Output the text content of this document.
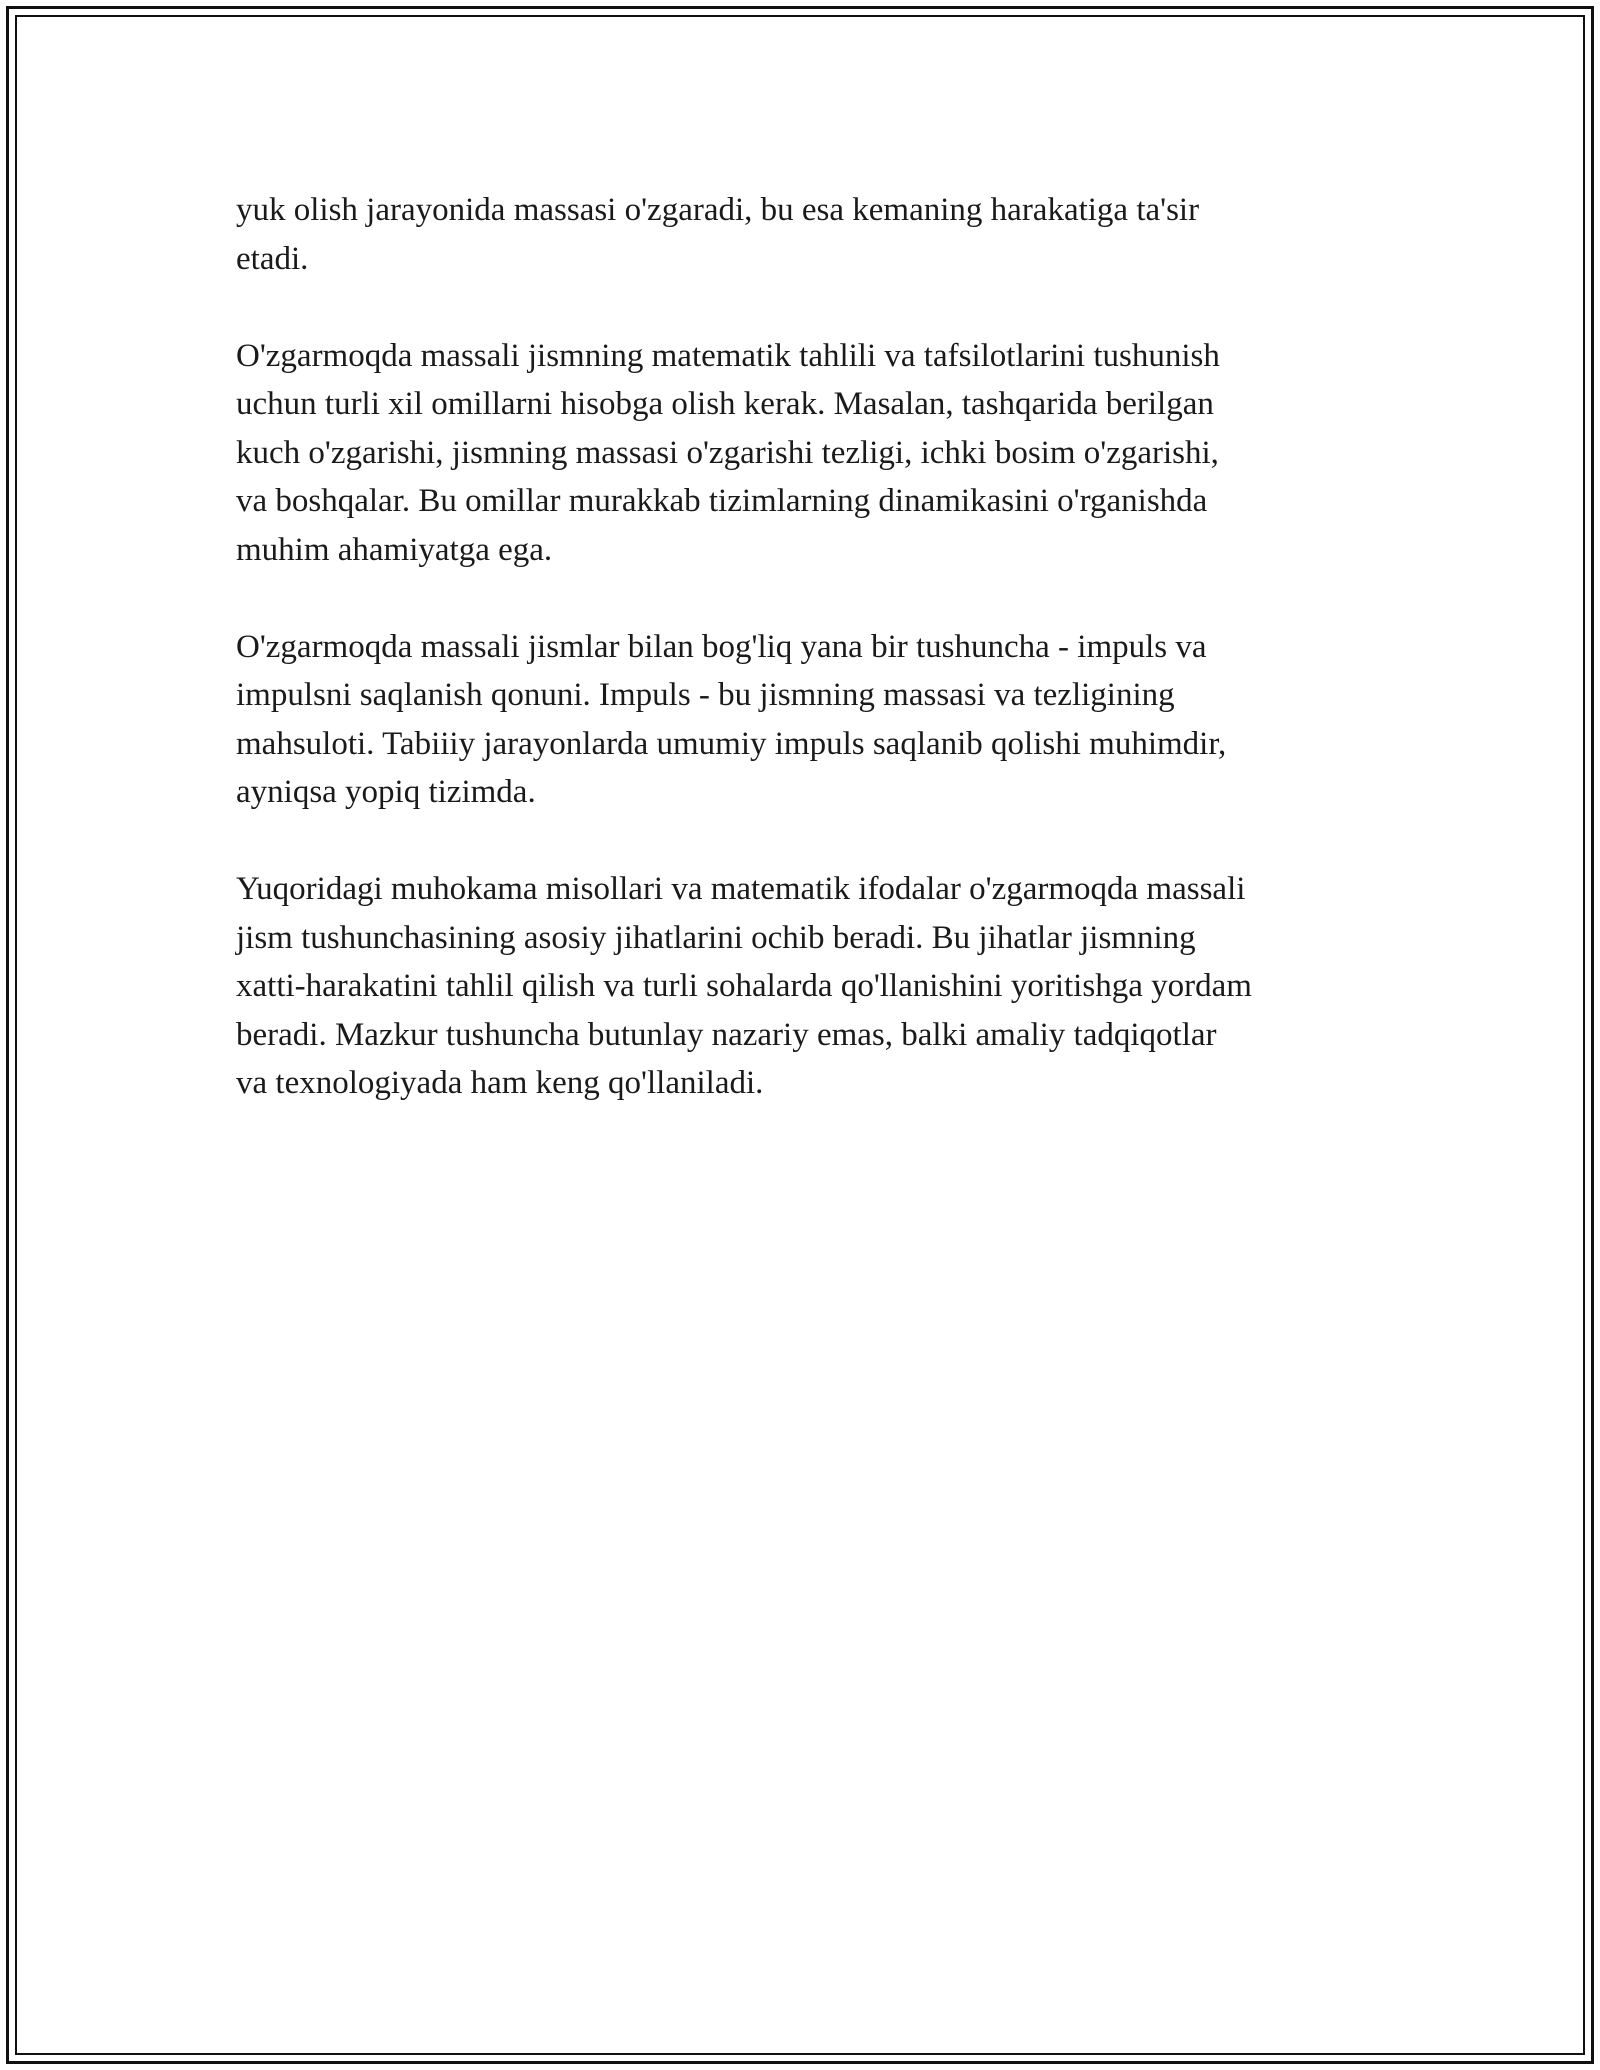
yuk olish jarayonida massasi o'zgaradi, bu esa kemaning harakatiga ta'sir
etadi.

O'zgarmoqda massali jismning matematik tahlili va tafsilotlarini tushunish
uchun turli xil omillarni hisobga olish kerak. Masalan, tashqarida berilgan
kuch o'zgarishi, jismning massasi o'zgarishi tezligi, ichki bosim o'zgarishi,
va boshqalar. Bu omillar murakkab tizimlarning dinamikasini o'rganishda
muhim ahamiyatga ega.

O'zgarmoqda massali jismlar bilan bog'liq yana bir tushuncha - impuls va
impulsni saqlanish qonuni. Impuls - bu jismning massasi va tezligining
mahsuloti. Tabiiiy jarayonlarda umumiy impuls saqlanib qolishi muhimdir,
ayniqsa yopiq tizimda.

Yuqoridagi muhokama misollari va matematik ifodalar o'zgarmoqda massali
jism tushunchasining asosiy jihatlarini ochib beradi. Bu jihatlar jismning
xatti-harakatini tahlil qilish va turli sohalarda qo'llanishini yoritishga yordam
beradi. Mazkur tushuncha butunlay nazariy emas, balki amaliy tadqiqotlar
va texnologiyada ham keng qo'llaniladi.
